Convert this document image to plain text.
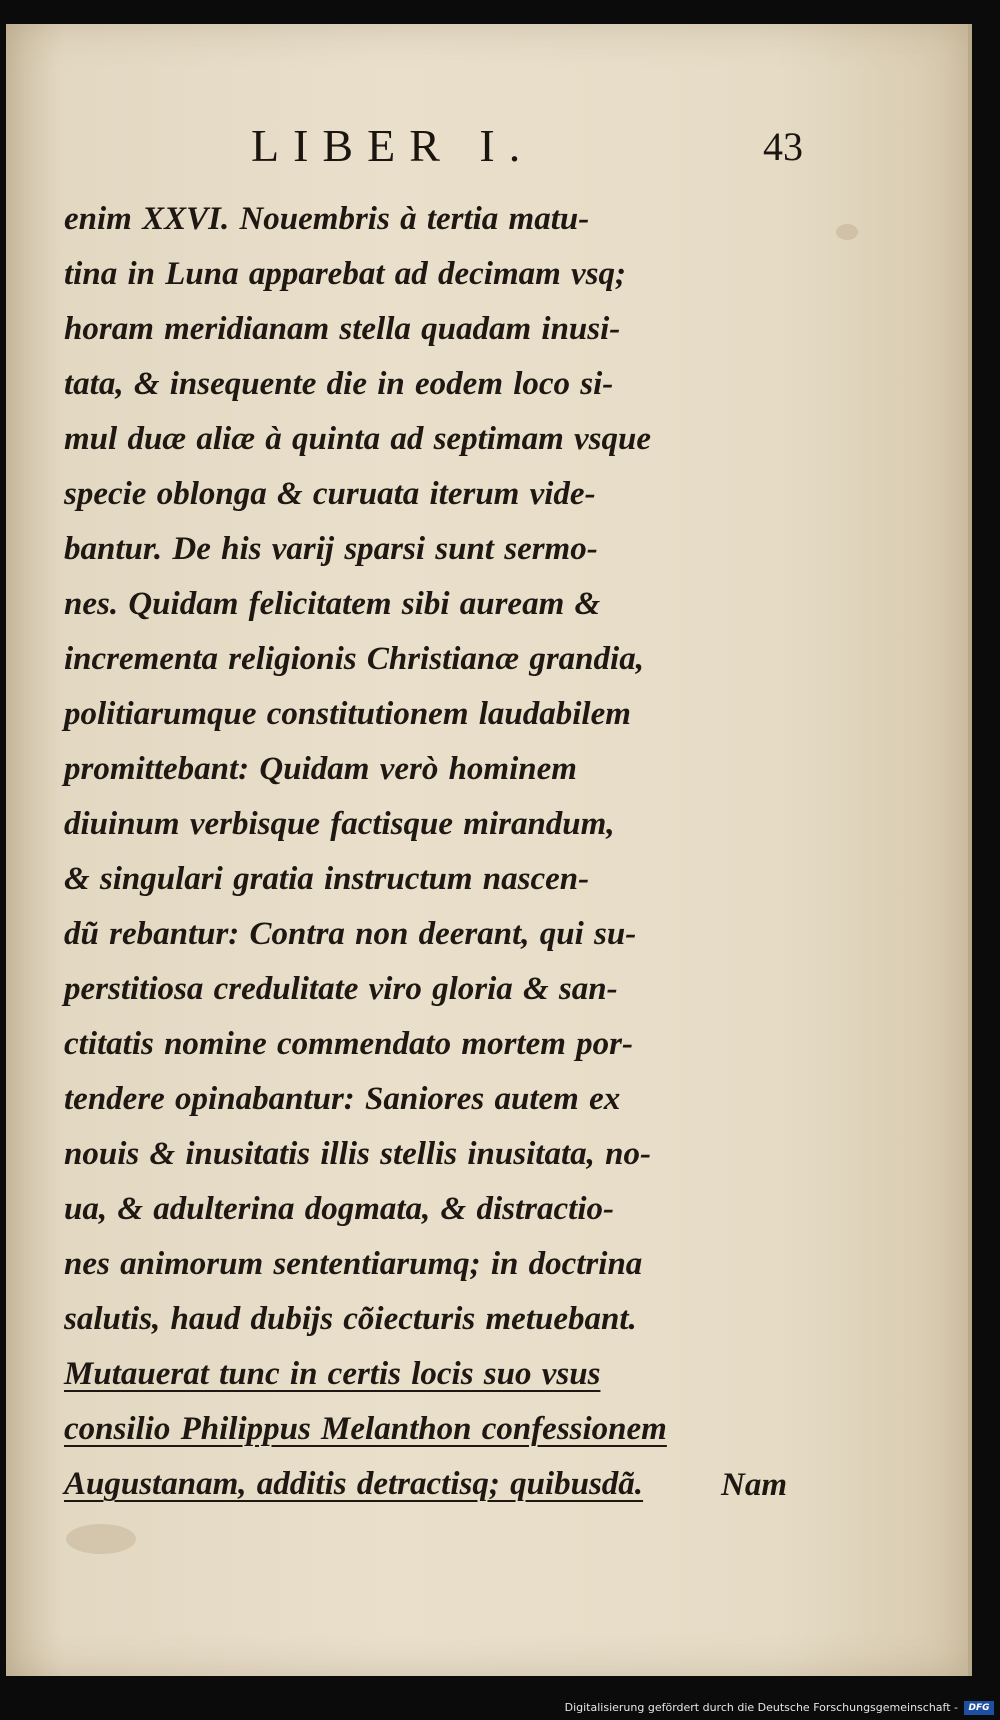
LIBER I.	43
enim XXVI. Nouembris à tertia matu-
tina in Luna apparebat ad decimam vsq;
horam meridianam stella quadam inusi-
tata, & insequente die in eodem loco si-
mul duæ aliæ à quinta ad septimam vsque
specie oblonga & curuata iterum vide-
bantur. De his varij sparsi sunt sermo-
nes. Quidam felicitatem sibi auream &
incrementa religionis Christianæ grandia,
politiarumque constitutionem laudabilem
promittebant: Quidam verò hominem
diuinum verbisque factisque mirandum,
& singulari gratia instructum nascen-
dũ rebantur: Contra non deerant, qui su-
perstitiosa credulitate viro gloria & san-
ctitatis nomine commendato mortem por-
tendere opinabantur: Saniores autem ex
nouis & inusitatis illis stellis inusitata, no-
ua, & adulterina dogmata, & distractio-
nes animorum sententiarumq; in doctrina
salutis, haud dubijs cõiecturis metuebant.
Mutauerat tunc in certis locis suo vsus
consilio Philippus Melanthon confessionem
Augustanam, additis detractisq; quibusdã.	Nam
Digitalisierung gefördert durch die Deutsche Forschungsgemeinschaft -	DFG
